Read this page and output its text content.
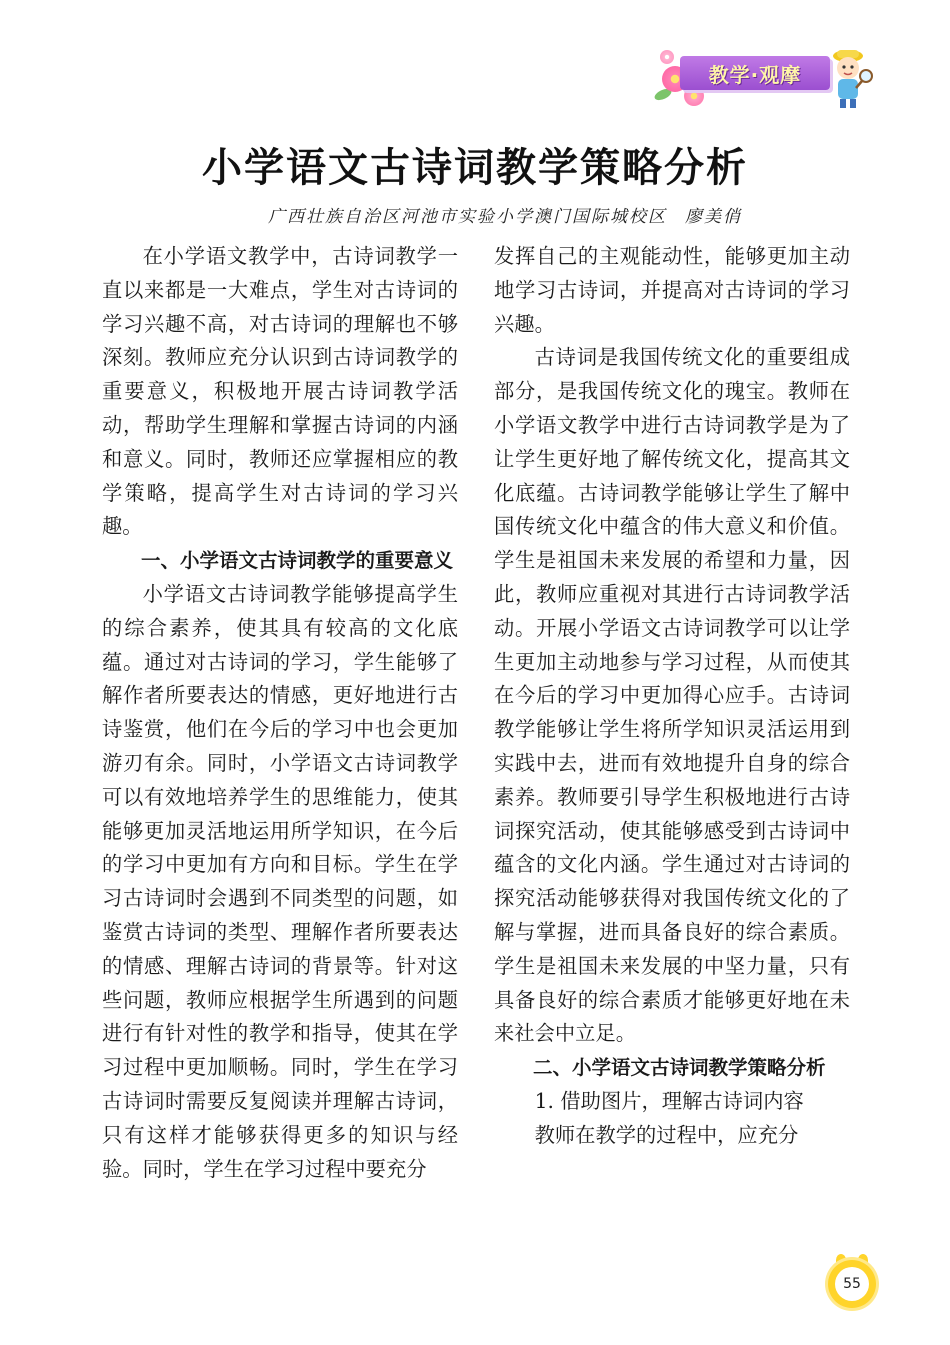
教学·观摩
小学语文古诗词教学策略分析
广西壮族自治区河池市实验小学澳门国际城校区 廖美俏

在小学语文教学中，古诗词教学一直以来都是一大难点，学生对古诗词的学习兴趣不高，对古诗词的理解也不够深刻。教师应充分认识到古诗词教学的重要意义，积极地开展古诗词教学活动，帮助学生理解和掌握古诗词的内涵和意义。同时，教师还应掌握相应的教学策略，提高学生对古诗词的学习兴趣。

一、小学语文古诗词教学的重要意义

小学语文古诗词教学能够提高学生的综合素养，使其具有较高的文化底蕴。通过对古诗词的学习，学生能够了解作者所要表达的情感，更好地进行古诗鉴赏，他们在今后的学习中也会更加游刃有余。同时，小学语文古诗词教学可以有效地培养学生的思维能力，使其能够更加灵活地运用所学知识，在今后的学习中更加有方向和目标。学生在学习古诗词时会遇到不同类型的问题，如鉴赏古诗词的类型、理解作者所要表达的情感、理解古诗词的背景等。针对这些问题，教师应根据学生所遇到的问题进行有针对性的教学和指导，使其在学习过程中更加顺畅。同时，学生在学习古诗词时需要反复阅读并理解古诗词，只有这样才能够获得更多的知识与经验。同时，学生在学习过程中要充分

发挥自己的主观能动性，能够更加主动地学习古诗词，并提高对古诗词的学习兴趣。

古诗词是我国传统文化的重要组成部分，是我国传统文化的瑰宝。教师在小学语文教学中进行古诗词教学是为了让学生更好地了解传统文化，提高其文化底蕴。古诗词教学能够让学生了解中国传统文化中蕴含的伟大意义和价值。学生是祖国未来发展的希望和力量，因此，教师应重视对其进行古诗词教学活动。开展小学语文古诗词教学可以让学生更加主动地参与学习过程，从而使其在今后的学习中更加得心应手。古诗词教学能够让学生将所学知识灵活运用到实践中去，进而有效地提升自身的综合素养。教师要引导学生积极地进行古诗词探究活动，使其能够感受到古诗词中蕴含的文化内涵。学生通过对古诗词的探究活动能够获得对我国传统文化的了解与掌握，进而具备良好的综合素质。学生是祖国未来发展的中坚力量，只有具备良好的综合素质才能够更好地在未来社会中立足。

二、小学语文古诗词教学策略分析

1. 借助图片，理解古诗词内容

教师在教学的过程中，应充分

55
